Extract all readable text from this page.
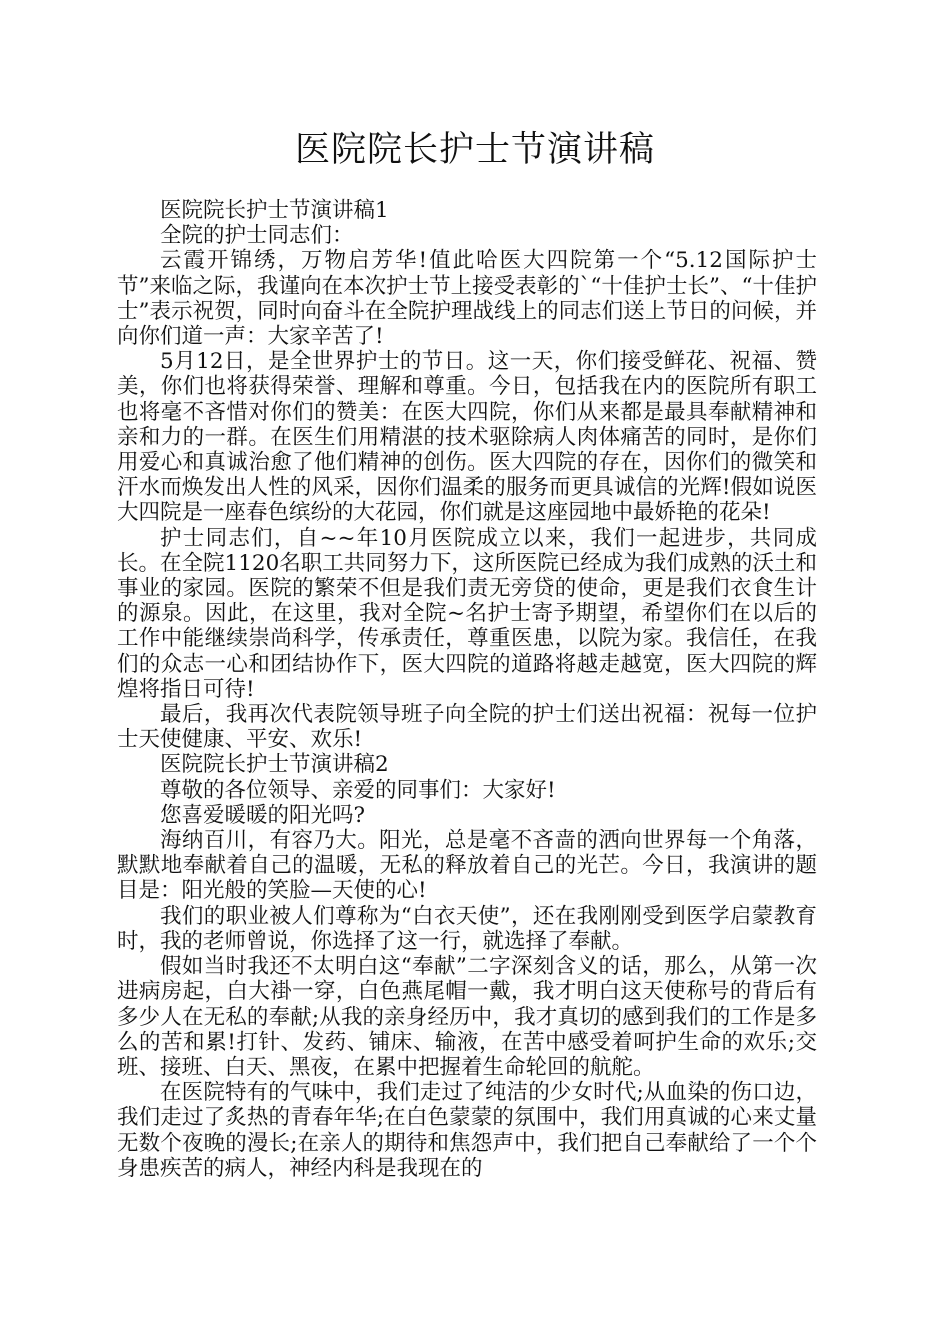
医院院长护士节演讲稿

医院院长护士节演讲稿1

全院的护士同志们：

云霞开锦绣，万物启芳华!值此哈医大四院第一个“5.12国际护士节”来临之际，我谨向在本次护士节上接受表彰的`“十佳护士长”、“十佳护士”表示祝贺，同时向奋斗在全院护理战线上的同志们送上节日的问候，并向你们道一声：大家辛苦了!

5月12日，是全世界护士的节日。这一天，你们接受鲜花、祝福、赞美，你们也将获得荣誉、理解和尊重。今日，包括我在内的医院所有职工也将毫不吝惜对你们的赞美：在医大四院，你们从来都是最具奉献精神和亲和力的一群。在医生们用精湛的技术驱除病人肉体痛苦的同时，是你们用爱心和真诚治愈了他们精神的创伤。医大四院的存在，因你们的微笑和汗水而焕发出人性的风采，因你们温柔的服务而更具诚信的光辉!假如说医大四院是一座春色缤纷的大花园，你们就是这座园地中最娇艳的花朵!

护士同志们，自~~年10月医院成立以来，我们一起进步，共同成长。在全院1120名职工共同努力下，这所医院已经成为我们成熟的沃土和事业的家园。医院的繁荣不但是我们责无旁贷的使命，更是我们衣食生计的源泉。因此，在这里，我对全院~名护士寄予期望，希望你们在以后的工作中能继续崇尚科学，传承责任，尊重医患，以院为家。我信任，在我们的众志一心和团结协作下，医大四院的道路将越走越宽，医大四院的辉煌将指日可待!

最后，我再次代表院领导班子向全院的护士们送出祝福：祝每一位护士天使健康、平安、欢乐!

医院院长护士节演讲稿2

尊敬的各位领导、亲爱的同事们：大家好!

您喜爱暖暖的阳光吗?

海纳百川，有容乃大。阳光，总是毫不吝啬的洒向世界每一个角落，默默地奉献着自己的温暖，无私的释放着自己的光芒。今日，我演讲的题目是：阳光般的笑脸—天使的心!

我们的职业被人们尊称为“白衣天使”，还在我刚刚受到医学启蒙教育时，我的老师曾说，你选择了这一行，就选择了奉献。

假如当时我还不太明白这“奉献”二字深刻含义的话，那么，从第一次进病房起，白大褂一穿，白色燕尾帽一戴，我才明白这天使称号的背后有多少人在无私的奉献;从我的亲身经历中，我才真切的感到我们的工作是多么的苦和累!打针、发药、铺床、输液，在苦中感受着呵护生命的欢乐;交班、接班、白天、黑夜，在累中把握着生命轮回的航舵。

在医院特有的气味中，我们走过了纯洁的少女时代;从血染的伤口边，我们走过了炙热的青春年华;在白色蒙蒙的氛围中，我们用真诚的心来丈量无数个夜晚的漫长;在亲人的期待和焦怨声中，我们把自己奉献给了一个个身患疾苦的病人，神经内科是我现在的
